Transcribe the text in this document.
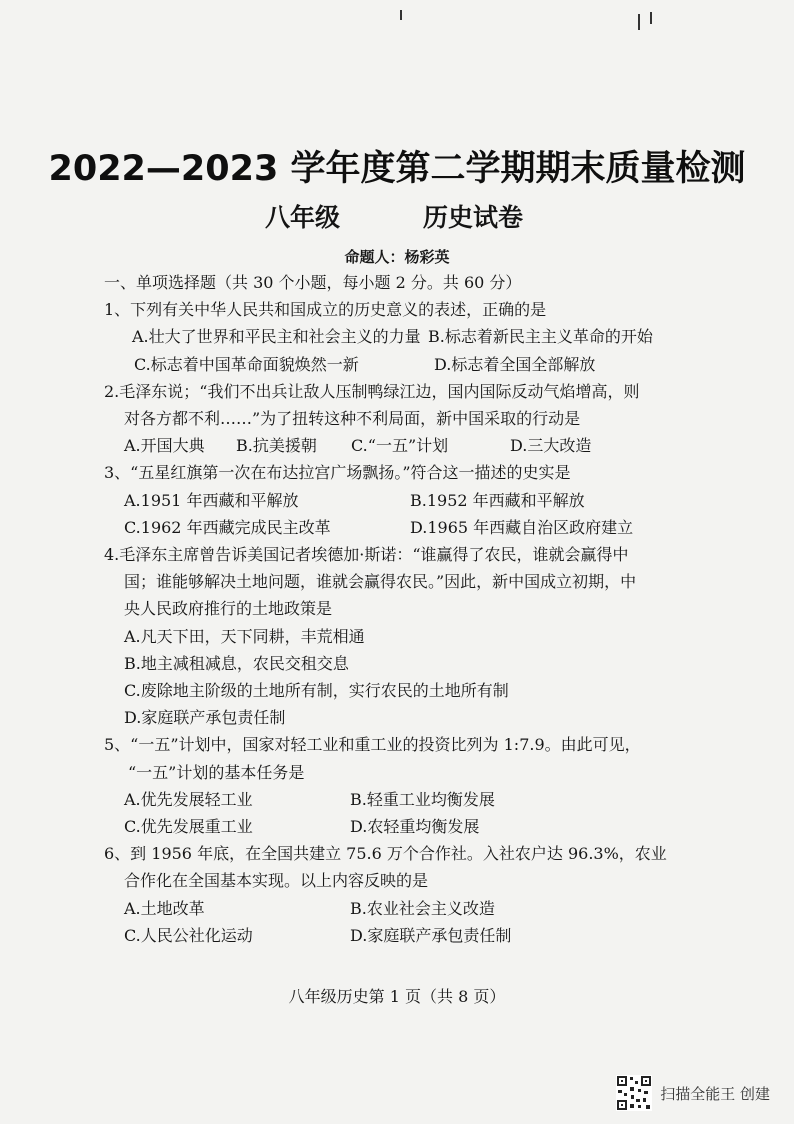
2022—2023 学年度第二学期期末质量检测
八年级	历史试卷
命题人：杨彩英
一、单项选择题（共 30 个小题，每小题 2 分。共 60 分）
1、下列有关中华人民共和国成立的历史意义的表述，正确的是
A.壮大了世界和平民主和社会主义的力量 B.标志着新民主主义革命的开始
C.标志着中国革命面貌焕然一新	D.标志着全国全部解放
2.毛泽东说；“我们不出兵让敌人压制鸭绿江边，国内国际反动气焰增高，则
对各方都不利……”为了扭转这种不利局面，新中国采取的行动是
A.开国大典	B.抗美援朝	C.“一五”计划	D.三大改造
3、“五星红旗第一次在布达拉宫广场飘扬。”符合这一描述的史实是
A.1951 年西藏和平解放	B.1952 年西藏和平解放
C.1962 年西藏完成民主改革	D.1965 年西藏自治区政府建立
4.毛泽东主席曾告诉美国记者埃德加·斯诺：“谁赢得了农民，谁就会赢得中
国；谁能够解决土地问题，谁就会赢得农民。”因此，新中国成立初期，中
央人民政府推行的土地政策是
A.凡天下田，天下同耕，丰荒相通
B.地主减租减息，农民交租交息
C.废除地主阶级的土地所有制，实行农民的土地所有制
D.家庭联产承包责任制
5、“一五”计划中，国家对轻工业和重工业的投资比列为 1:7.9。由此可见，
“一五”计划的基本任务是
A.优先发展轻工业	B.轻重工业均衡发展
C.优先发展重工业	D.农轻重均衡发展
6、到 1956 年底，在全国共建立 75.6 万个合作社。入社农户达 96.3%，农业
合作化在全国基本实现。以上内容反映的是
A.土地改革	B.农业社会主义改造
C.人民公社化运动	D.家庭联产承包责任制
八年级历史第 1 页（共 8 页）
扫描全能王 创建
